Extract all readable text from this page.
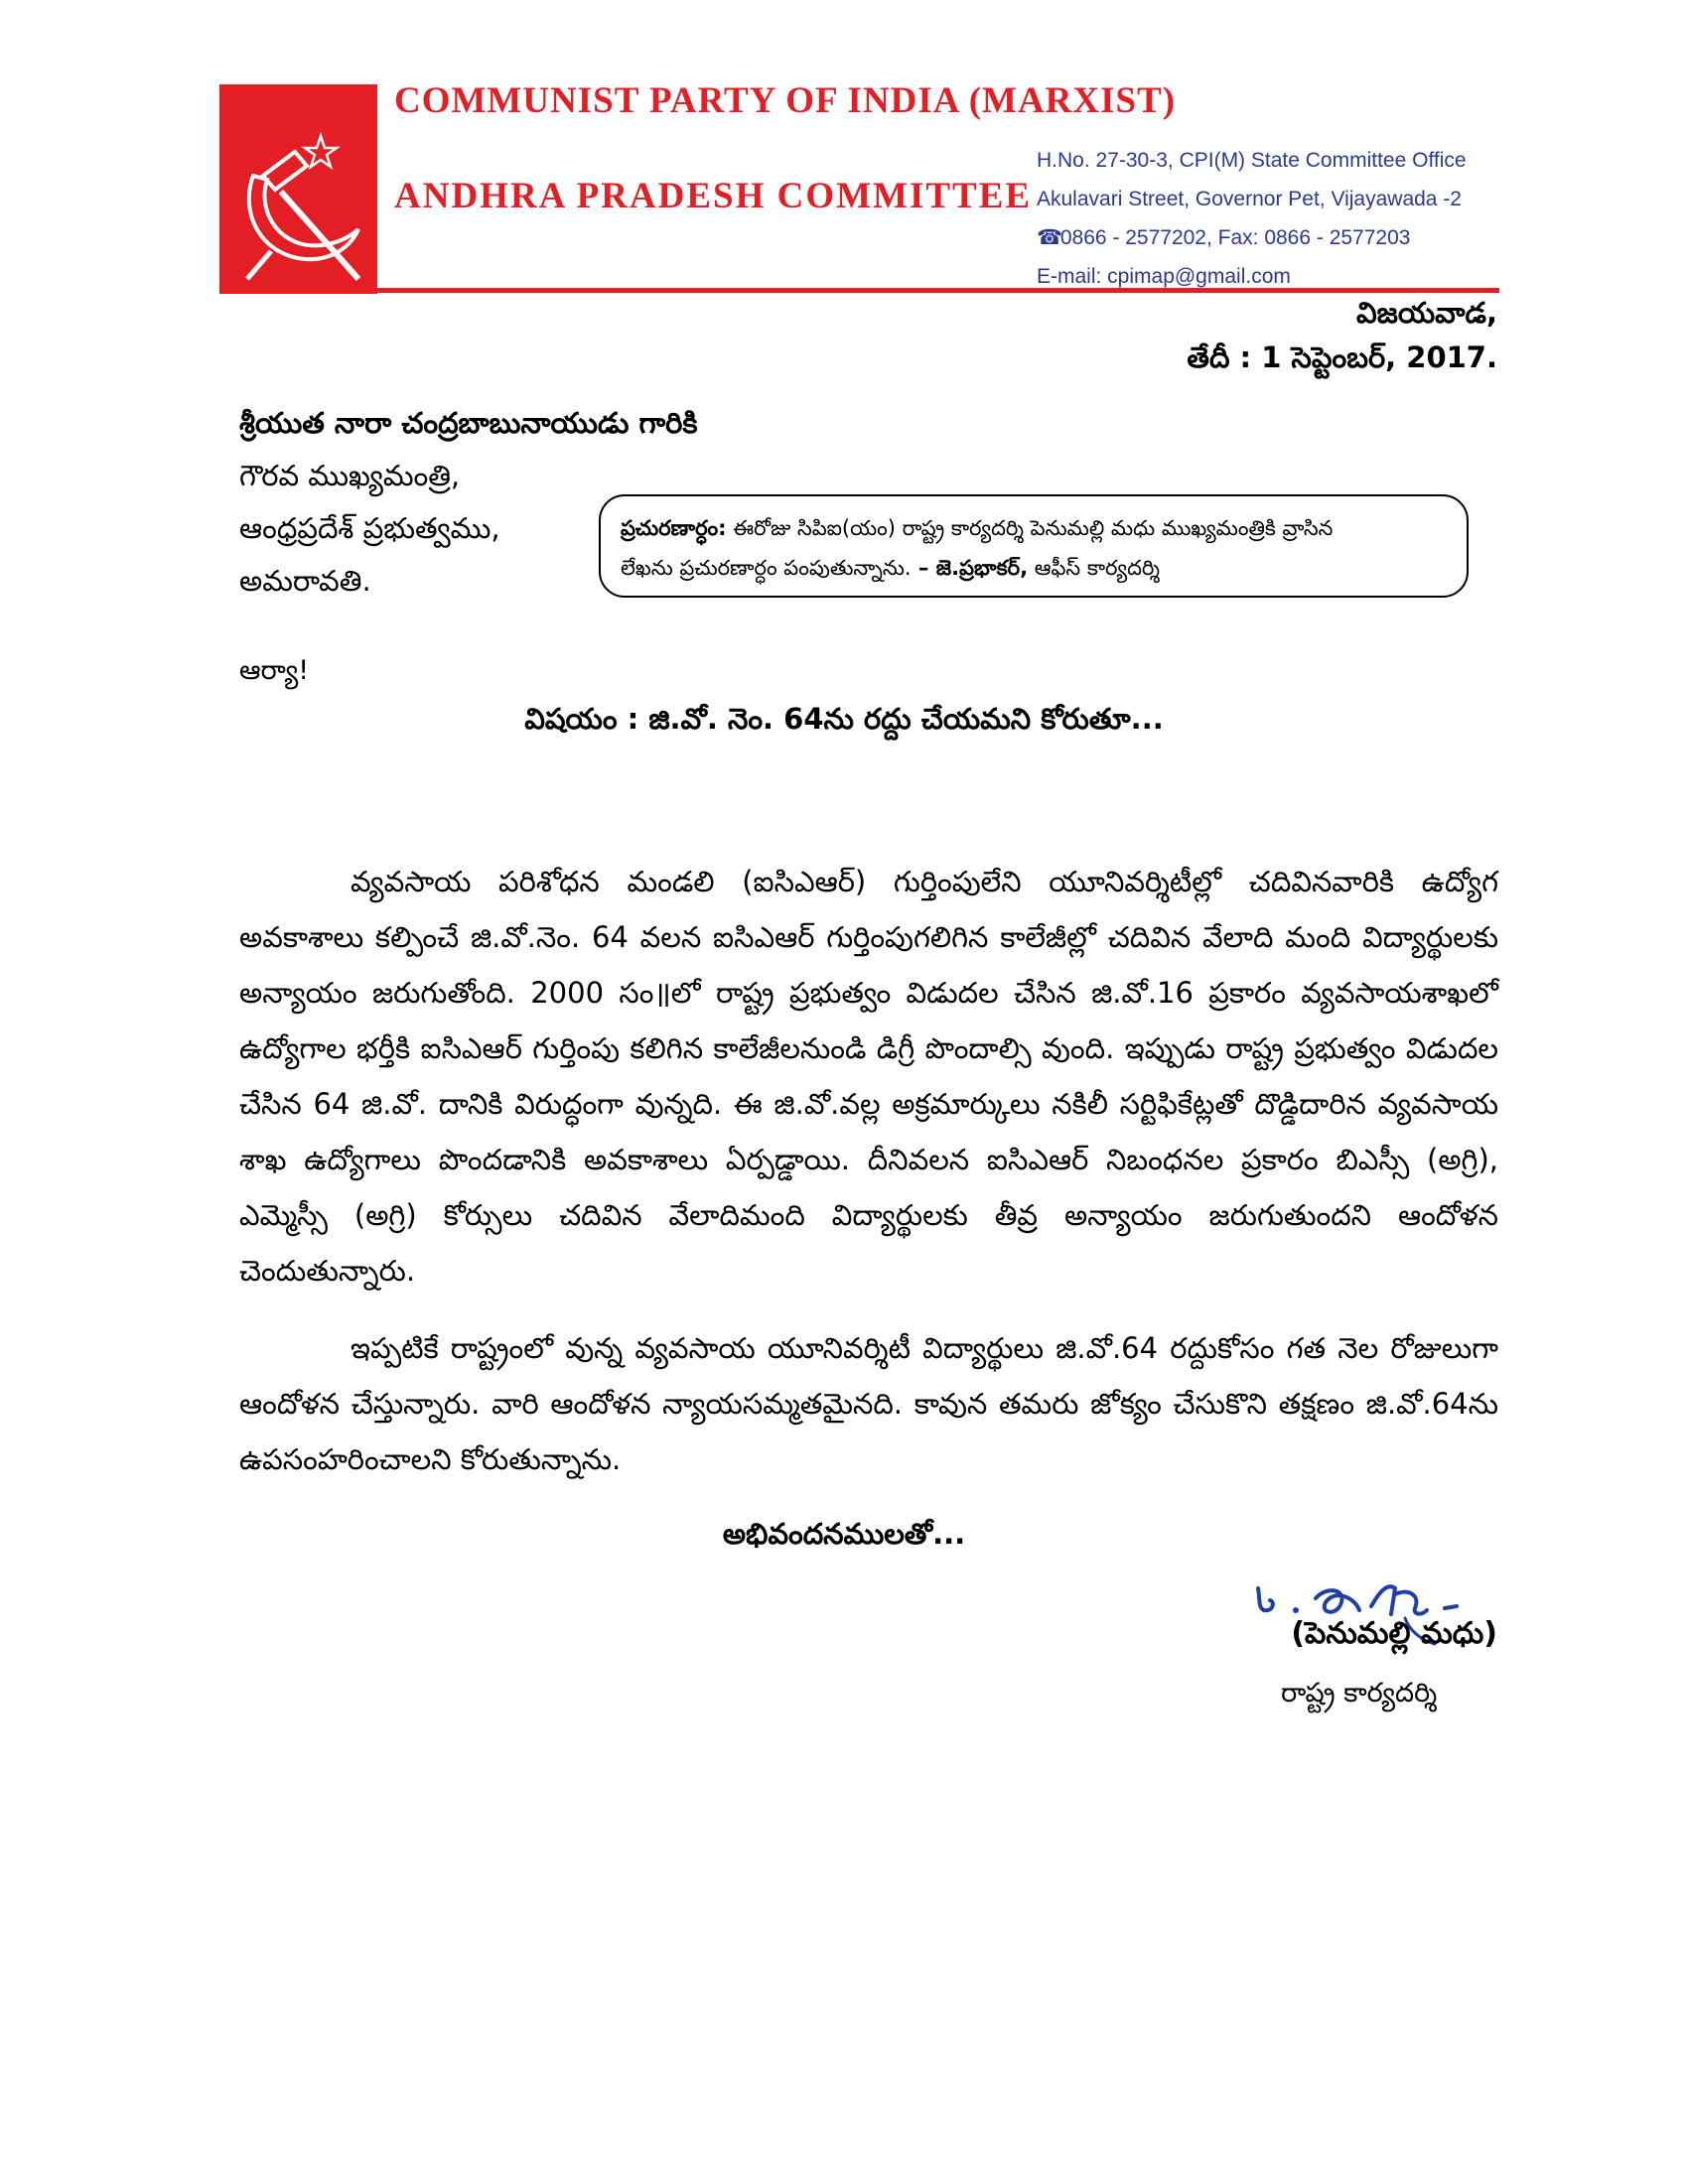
COMMUNIST PARTY OF INDIA (MARXIST)
ANDHRA PRADESH COMMITTEE
H.No. 27-30-3, CPI(M) State Committee Office
Akulavari Street, Governor Pet, Vijayawada -2
☎ 0866 - 2577202, Fax: 0866 - 2577203
E-mail: cpimap@gmail.com
విజయవాడ,
తేదీ : 1 సెప్టెంబర్, 2017.
శ్రీయుత నారా చంద్రబాబునాయుడు గారికి
గౌరవ ముఖ్యమంత్రి,
ఆంధ్రప్రదేశ్ ప్రభుత్వము,
అమరావతి.
ప్రచురణార్ధం: ఈరోజు సిపిఐ(యం) రాష్ట్ర కార్యదర్శి పెనుమల్లి మధు ముఖ్యమంత్రికి వ్రాసిన
లేఖను ప్రచురణార్ధం పంపుతున్నాను. – జె.ప్రభాకర్, ఆఫీస్ కార్యదర్శి
ఆర్యా!
విషయం : జి.వో. నెం. 64ను రద్దు చేయమని కోరుతూ...

వ్యవసాయ పరిశోధన మండలి (ఐసిఎఆర్) గుర్తింపులేని యూనివర్శిటీల్లో చదివినవారికి ఉద్యోగ అవకాశాలు కల్పించే జి.వో.నెం. 64 వలన ఐసిఎఆర్ గుర్తింపుగలిగిన కాలేజీల్లో చదివిన వేలాది మంది విద్యార్థులకు అన్యాయం జరుగుతోంది. 2000 సం॥లో రాష్ట్ర ప్రభుత్వం విడుదల చేసిన జి.వో.16 ప్రకారం వ్యవసాయశాఖలో ఉద్యోగాల భర్తీకి ఐసిఎఆర్ గుర్తింపు కలిగిన కాలేజీలనుండి డిగ్రీ పొందాల్సి వుంది. ఇప్పుడు రాష్ట్ర ప్రభుత్వం విడుదల చేసిన 64 జి.వో. దానికి విరుద్ధంగా వున్నది. ఈ జి.వో.వల్ల అక్రమార్కులు నకిలీ సర్టిఫికేట్లతో దొడ్డిదారిన వ్యవసాయ శాఖ ఉద్యోగాలు పొందడానికి అవకాశాలు ఏర్పడ్డాయి. దీనివలన ఐసిఎఆర్ నిబంధనల ప్రకారం బిఎస్సీ (అగ్రి), ఎమ్మెస్సీ (అగ్రి) కోర్సులు చదివిన వేలాదిమంది విద్యార్థులకు తీవ్ర అన్యాయం జరుగుతుందని ఆందోళన చెందుతున్నారు.

ఇప్పటికే రాష్ట్రంలో వున్న వ్యవసాయ యూనివర్శిటీ విద్యార్థులు జి.వో.64 రద్దుకోసం గత నెల రోజులుగా ఆందోళన చేస్తున్నారు. వారి ఆందోళన న్యాయసమ్మతమైనది. కావున తమరు జోక్యం చేసుకొని తక్షణం జి.వో.64ను ఉపసంహరించాలని కోరుతున్నాను.

అభివందనములతో...
(పెనుమల్లి మధు)
రాష్ట్ర కార్యదర్శి
